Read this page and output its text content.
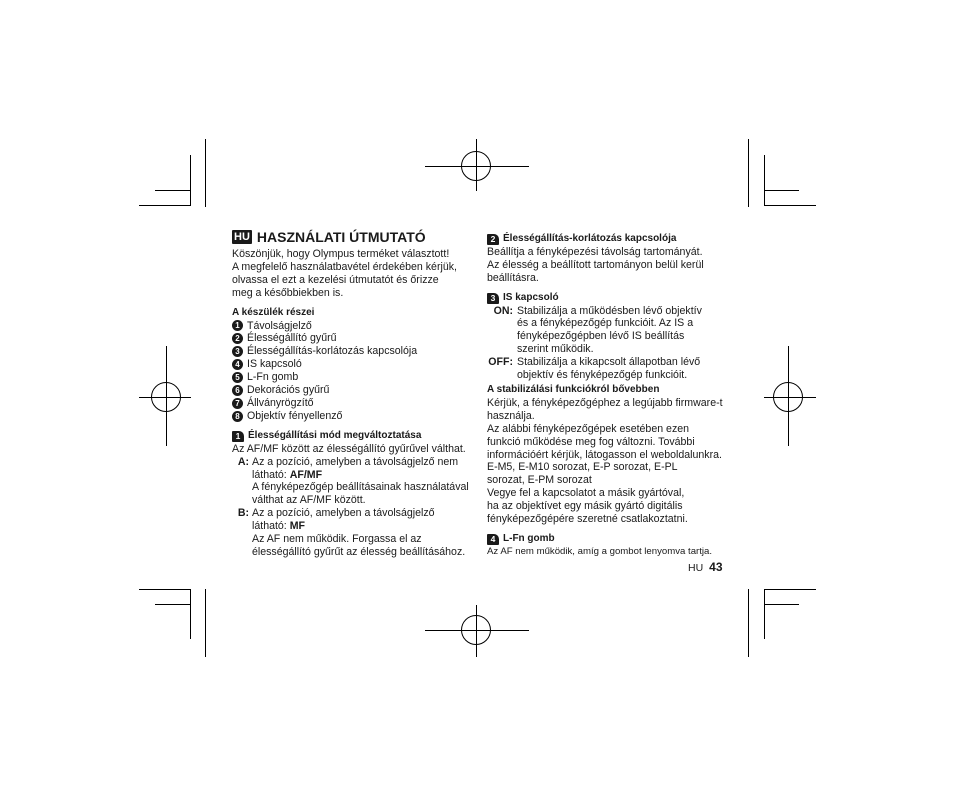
HU HASZNÁLATI ÚTMUTATÓ

Köszönjük, hogy Olympus terméket választott!

A megfelelő használatbavétel érdekében kérjük,

olvassa el ezt a kezelési útmutatót és őrizze

meg a későbbiekben is.

A készülék részei

1 Távolságjelző
2 Élességállító gyűrű
3 Élességállítás-korlátozás kapcsolója
4 IS kapcsoló
5 L-Fn gomb
6 Dekorációs gyűrű
7 Állványrögzítő
8 Objektív fényellenző
1 Élességállítási mód megváltoztatása

Az AF/MF között az élességállító gyűrűvel válthat.

A: Az a pozíció, amelyben a távolságjelző nem

látható: AF/MF

A fényképezőgép beállításainak használatával

válthat az AF/MF között.

B: Az a pozíció, amelyben a távolságjelző

látható: MF

Az AF nem működik. Forgassa el az

élességállító gyűrűt az élesség beállításához.

2 Élességállítás-korlátozás kapcsolója

Beállítja a fényképezési távolság tartományát.

Az élesség a beállított tartományon belül kerül

beállításra.

3 IS kapcsoló
ON: Stabilizálja a működésben lévő objektív

és a fényképezőgép funkcióit. Az IS a

fényképezőgépben lévő IS beállítás

szerint működik.

OFF: Stabilizálja a kikapcsolt állapotban lévő

objektív és fényképezőgép funkcióit.

A stabilizálási funkciókról bővebben

Kérjük, a fényképezőgéphez a legújabb firmware-t

használja.

Az alábbi fényképezőgépek esetében ezen

funkció működése meg fog változni. További

információért kérjük, látogasson el weboldalunkra.

E-M5, E-M10 sorozat, E-P sorozat, E-PL

sorozat, E-PM sorozat

Vegye fel a kapcsolatot a másik gyártóval,

ha az objektívet egy másik gyártó digitális

fényképezőgépére szeretné csatlakoztatni.

4 L-Fn gomb

Az AF nem működik, amíg a gombot lenyomva tartja.

HU 43
